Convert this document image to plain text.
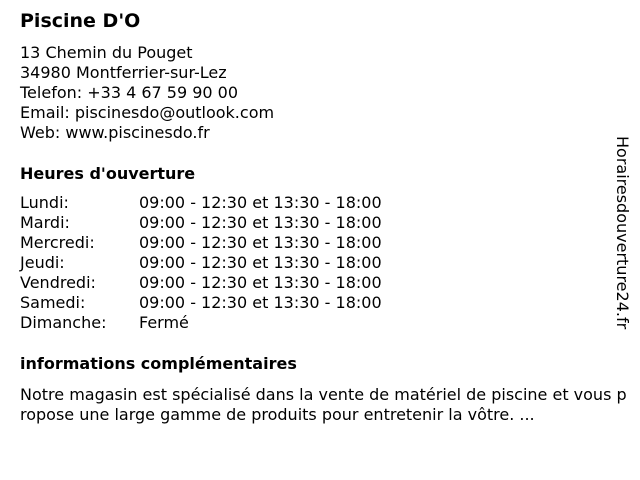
Piscine D'O
13 Chemin du Pouget
34980 Montferrier-sur-Lez
Telefon: +33 4 67 59 90 00
Email: piscinesdo@outlook.com
Web: www.piscinesdo.fr
Heures d'ouverture
Lundi:	09:00 - 12:30 et 13:30 - 18:00
Mardi:	09:00 - 12:30 et 13:30 - 18:00
Mercredi:	09:00 - 12:30 et 13:30 - 18:00
Jeudi:	09:00 - 12:30 et 13:30 - 18:00
Vendredi:	09:00 - 12:30 et 13:30 - 18:00
Samedi:	09:00 - 12:30 et 13:30 - 18:00
Dimanche: Fermé
informations complémentaires

Notre magasin est spécialisé dans la vente de matériel de piscine et vous propose une large gamme de produits pour entretenir la vôtre. ...

Horairesdouverture24.fr
